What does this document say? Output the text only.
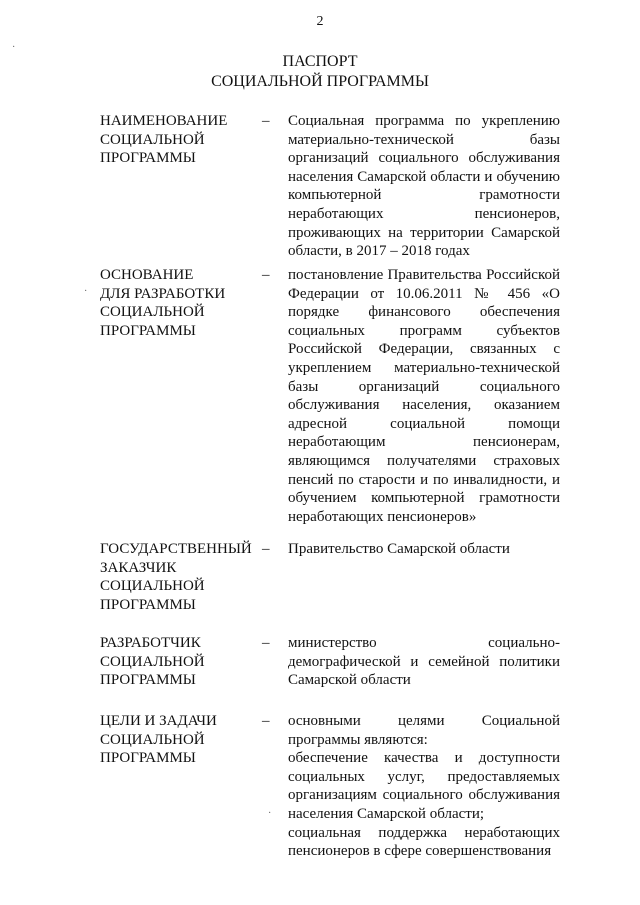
2
ПАСПОРТ
СОЦИАЛЬНОЙ ПРОГРАММЫ
НАИМЕНОВАНИЕ
СОЦИАЛЬНОЙ
ПРОГРАММЫ
–	Социальная программа по укреплению материально-технической базы организаций социального обслуживания населения Самарской области и обучению компьютерной грамотности неработающих пенсионеров, проживающих на территории Самарской области, в 2017 – 2018 годах

ОСНОВАНИЕ
ДЛЯ РАЗРАБОТКИ
СОЦИАЛЬНОЙ
ПРОГРАММЫ
–	постановление Правительства Российской Федерации от 10.06.2011 № 456 «О порядке финансового обеспечения социальных программ субъектов Российской Федерации, связанных с укреплением материально-технической базы организаций социального обслуживания населения, оказанием адресной социальной помощи неработающим пенсионерам, являющимся получателями страховых пенсий по старости и по инвалидности, и обучением компьютерной грамотности неработающих пенсионеров»

ГОСУДАРСТВЕННЫЙ
ЗАКАЗЧИК
СОЦИАЛЬНОЙ
ПРОГРАММЫ
–	Правительство Самарской области

РАЗРАБОТЧИК
СОЦИАЛЬНОЙ
ПРОГРАММЫ
–	министерство социально-демографической и семейной политики Самарской области

ЦЕЛИ И ЗАДАЧИ
СОЦИАЛЬНОЙ
ПРОГРАММЫ
–	основными целями Социальной программы являются:

обеспечение качества и доступности социальных услуг, предоставляемых организациям социального обслуживания населения Самарской области;

социальная поддержка неработающих пенсионеров в сфере совершенствования

·
·
·
